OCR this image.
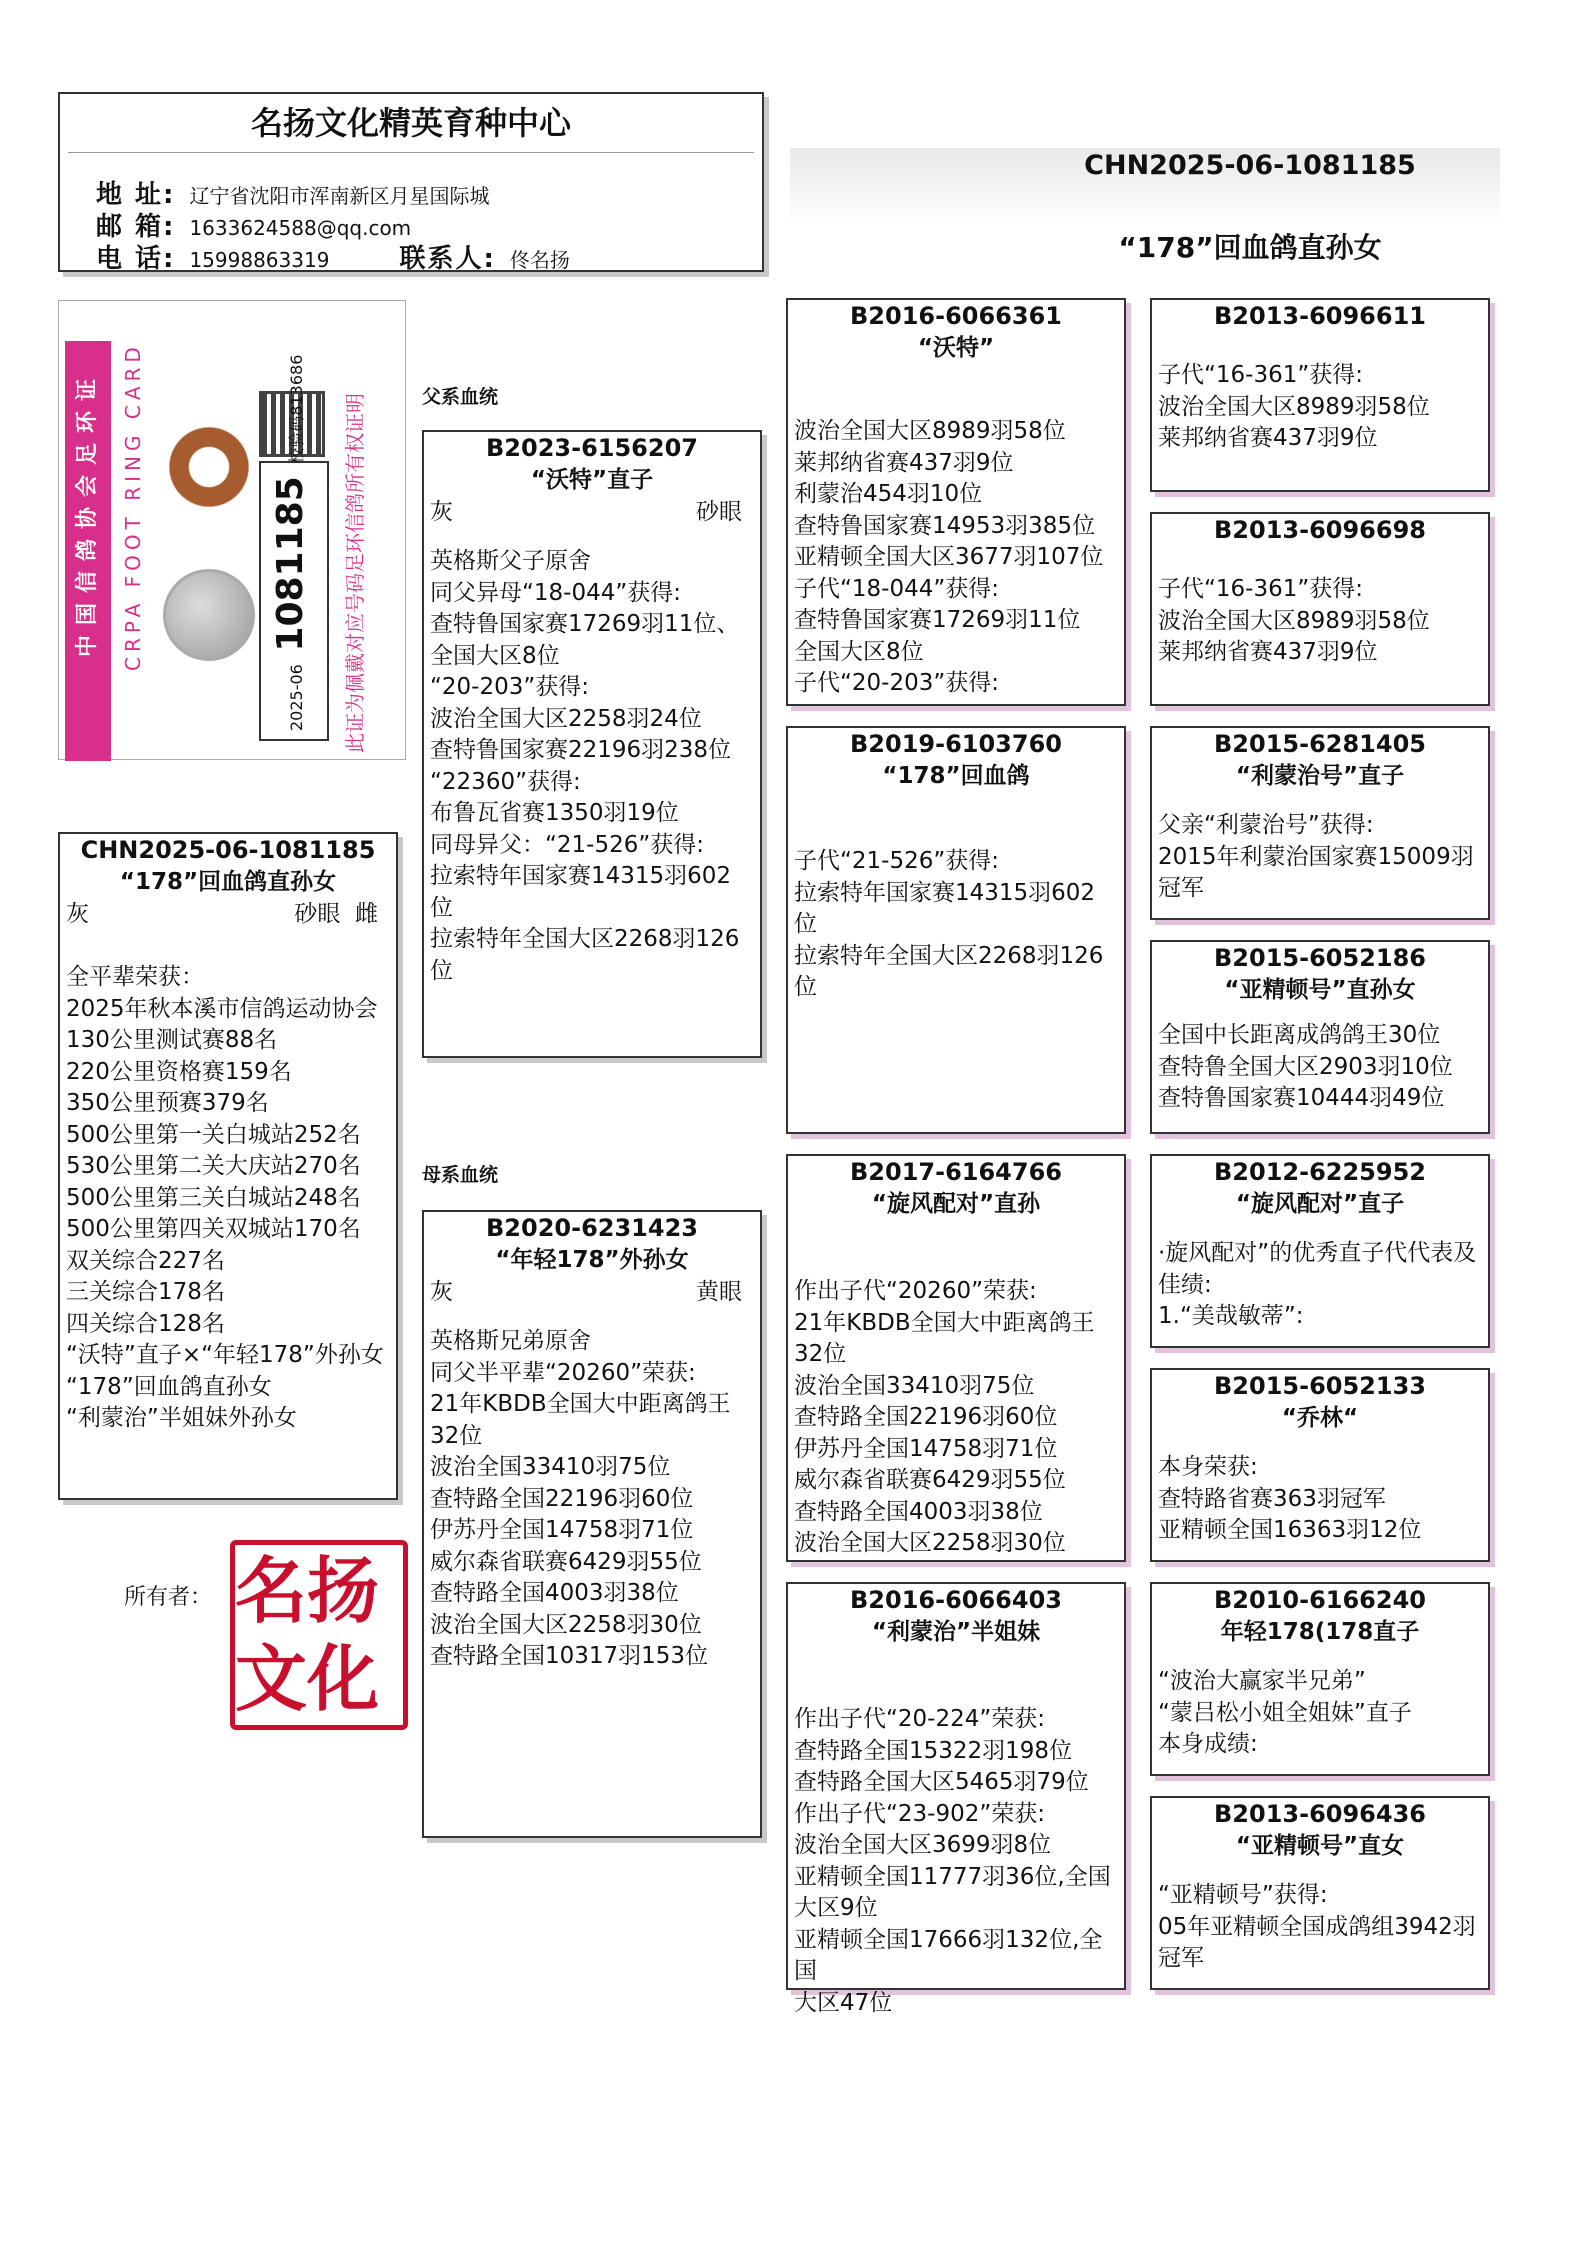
名扬文化精英育种中心
地 址: 辽宁省沈阳市浑南新区月星国际城
邮 箱: 1633624588@qq.com
电 话: 15998863319	联系人: 佟名扬
CHN2025-06-1081185
“178”回血鸽直孙女
中国信鸽协会足环证 CRPA FOOT RING CARD
2025-06 1081185 校验码813686	此证为佩戴对应号码足环信鸽所有权证明	父系血统
母系血统
CHN2025-06-1081185
“178”回血鸽直孙女
灰	砂眼 雌
全平辈荣获：
2025年秋本溪市信鸽运动协会
130公里测试赛88名
220公里资格赛159名
350公里预赛379名
500公里第一关白城站252名
530公里第二关大庆站270名
500公里第三关白城站248名
500公里第四关双城站170名
双关综合227名
三关综合178名
四关综合128名
“沃特”直子×“年轻178”外孙女
“178”回血鸽直孙女
“利蒙治”半姐妹外孙女
所有者： 名扬文化
B2023-6156207
“沃特”直子
灰	砂眼
英格斯父子原舍
同父异母“18-044”获得:
查特鲁国家赛17269羽11位、
全国大区8位
“20-203”获得:
波治全国大区2258羽24位
查特鲁国家赛22196羽238位
“22360”获得:
布鲁瓦省赛1350羽19位
同母异父：“21-526”获得:
拉索特年国家赛14315羽602位
拉索特年全国大区2268羽126
位
B2020-6231423
“年轻178”外孙女
灰	黄眼
英格斯兄弟原舍
同父半平辈“20260”荣获:
21年KBDB全国大中距离鸽王
32位
波治全国33410羽75位
查特路全国22196羽60位
伊苏丹全国14758羽71位
威尔森省联赛6429羽55位
查特路全国4003羽38位
波治全国大区2258羽30位
查特路全国10317羽153位
B2016-6066361
“沃特”
波治全国大区8989羽58位
莱邦纳省赛437羽9位
利蒙治454羽10位
查特鲁国家赛14953羽385位
亚精顿全国大区3677羽107位
子代“18-044”获得:
查特鲁国家赛17269羽11位
全国大区8位
子代“20-203”获得:
B2019-6103760
“178”回血鸽
子代“21-526”获得:
拉索特年国家赛14315羽602位
拉索特年全国大区2268羽126
位
B2017-6164766
“旋风配对”直孙
作出子代“20260”荣获:
21年KBDB全国大中距离鸽王
32位
波治全国33410羽75位
查特路全国22196羽60位
伊苏丹全国14758羽71位
威尔森省联赛6429羽55位
查特路全国4003羽38位
波治全国大区2258羽30位
B2016-6066403
“利蒙治”半姐妹
作出子代“20-224”荣获:
查特路全国15322羽198位
查特路全国大区5465羽79位
作出子代“23-902”荣获:
波治全国大区3699羽8位
亚精顿全国11777羽36位,全国
大区9位
亚精顿全国17666羽132位,全国
大区47位
B2013-6096611
子代“16-361”获得:
波治全国大区8989羽58位
莱邦纳省赛437羽9位
B2013-6096698
子代“16-361”获得:
波治全国大区8989羽58位
莱邦纳省赛437羽9位
B2015-6281405
“利蒙治号”直子
父亲“利蒙治号”获得:
2015年利蒙治国家赛15009羽
冠军
B2015-6052186
“亚精顿号”直孙女
全国中长距离成鸽鸽王30位
查特鲁全国大区2903羽10位
查特鲁国家赛10444羽49位
B2012-6225952
“旋风配对”直子
·旋风配对”的优秀直子代代表及
佳绩:
1.“美哉敏蒂”:
B2015-6052133
“乔林“
本身荣获:
查特路省赛363羽冠军
亚精顿全国16363羽12位
B2010-6166240
年轻178(178直子
“波治大赢家半兄弟”
“蒙吕松小姐全姐妹”直子
本身成绩:
B2013-6096436
“亚精顿号”直女
“亚精顿号”获得:
05年亚精顿全国成鸽组3942羽
冠军
